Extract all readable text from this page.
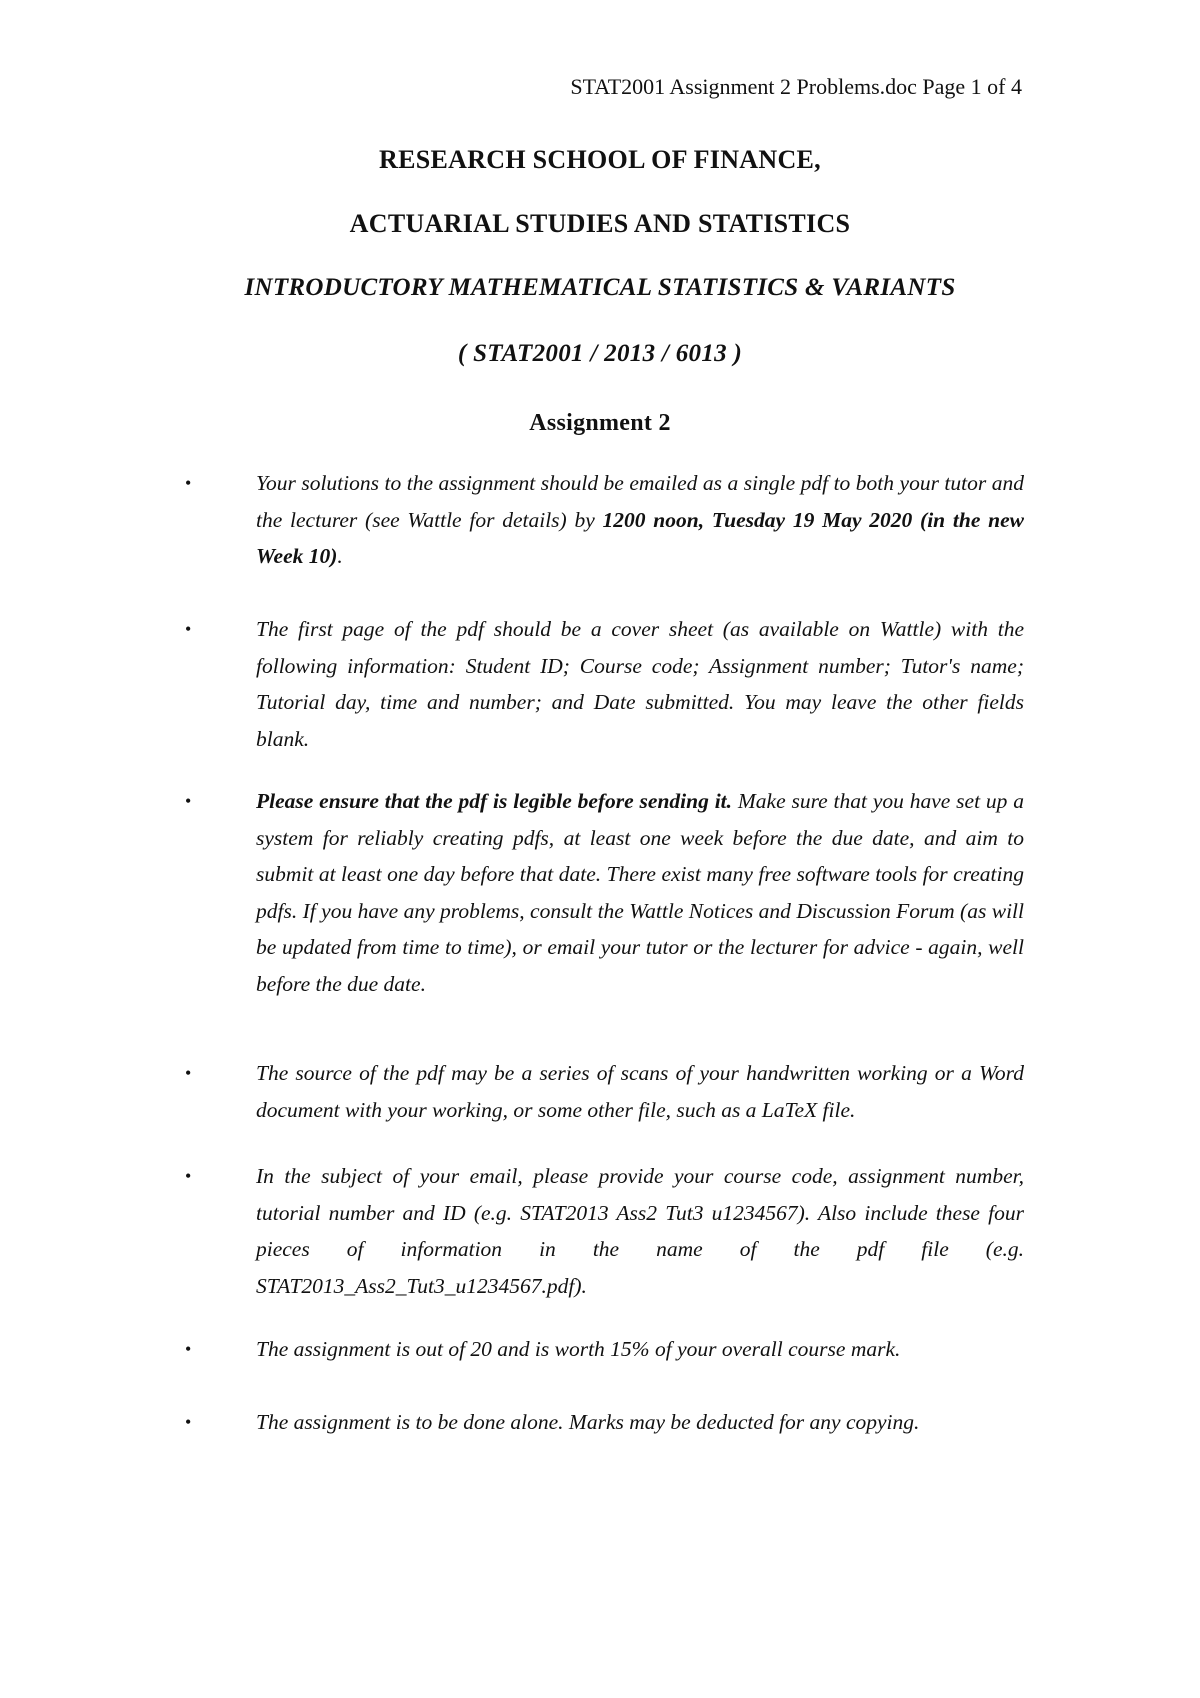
STAT2001 Assignment 2 Problems.doc Page 1 of 4
RESEARCH SCHOOL OF FINANCE,
ACTUARIAL STUDIES AND STATISTICS
INTRODUCTORY MATHEMATICAL STATISTICS & VARIANTS
( STAT2001 / 2013 / 6013 )
Assignment 2
•	Your solutions to the assignment should be emailed as a single pdf to both your tutor and the lecturer (see Wattle for details) by 1200 noon, Tuesday 19 May 2020 (in the new Week 10).
•	The first page of the pdf should be a cover sheet (as available on Wattle) with the following information: Student ID; Course code; Assignment number; Tutor's name; Tutorial day, time and number; and Date submitted. You may leave the other fields blank.
•	Please ensure that the pdf is legible before sending it. Make sure that you have set up a system for reliably creating pdfs, at least one week before the due date, and aim to submit at least one day before that date. There exist many free software tools for creating pdfs. If you have any problems, consult the Wattle Notices and Discussion Forum (as will be updated from time to time), or email your tutor or the lecturer for advice - again, well before the due date.
•	The source of the pdf may be a series of scans of your handwritten working or a Word document with your working, or some other file, such as a LaTeX file.
•	In the subject of your email, please provide your course code, assignment number, tutorial number and ID (e.g. STAT2013 Ass2 Tut3 u1234567). Also include these four pieces of information in the name of the pdf file (e.g. STAT2013_Ass2_Tut3_u1234567.pdf).
•	The assignment is out of 20 and is worth 15% of your overall course mark.
•	The assignment is to be done alone. Marks may be deducted for any copying.
